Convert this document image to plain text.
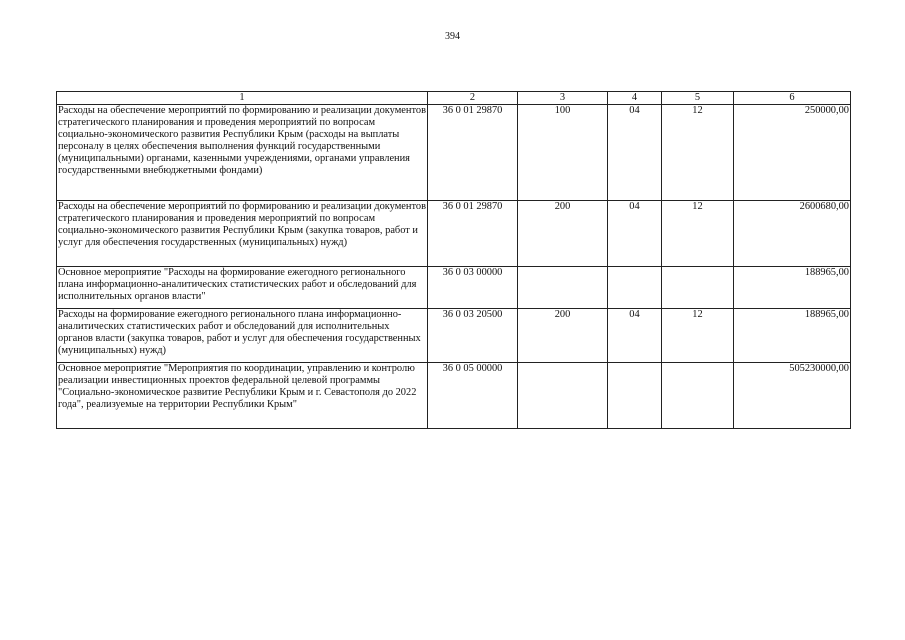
394
1	2	3	4	5	6
Расходы на обеспечение мероприятий по формированию и реализации документов стратегического планирования и проведения мероприятий по вопросам социально-экономического развития Республики Крым (расходы на выплаты персоналу в целях обеспечения выполнения функций государственными (муниципальными) органами, казенными учреждениями, органами управления государственными внебюджетными фондами)	36 0 01 29870	100	04	12	250000,00
Расходы на обеспечение мероприятий по формированию и реализации документов стратегического планирования и проведения мероприятий по вопросам социально-экономического развития Республики Крым (закупка товаров, работ и услуг для обеспечения государственных (муниципальных) нужд)	36 0 01 29870	200	04	12	2600680,00
Основное мероприятие "Расходы на формирование ежегодного регионального плана информационно-аналитических статистических работ и обследований для исполнительных органов власти"	36 0 03 00000				188965,00
Расходы на формирование ежегодного регионального плана информационно-аналитических статистических работ и обследований для исполнительных органов власти (закупка товаров, работ и услуг для обеспечения государственных (муниципальных) нужд)	36 0 03 20500	200	04	12	188965,00
Основное мероприятие "Мероприятия по координации, управлению и контролю реализации инвестиционных проектов федеральной целевой программы "Социально-экономическое развитие Республики Крым и г. Севастополя до 2022 года", реализуемые на территории Республики Крым"	36 0 05 00000				505230000,00
